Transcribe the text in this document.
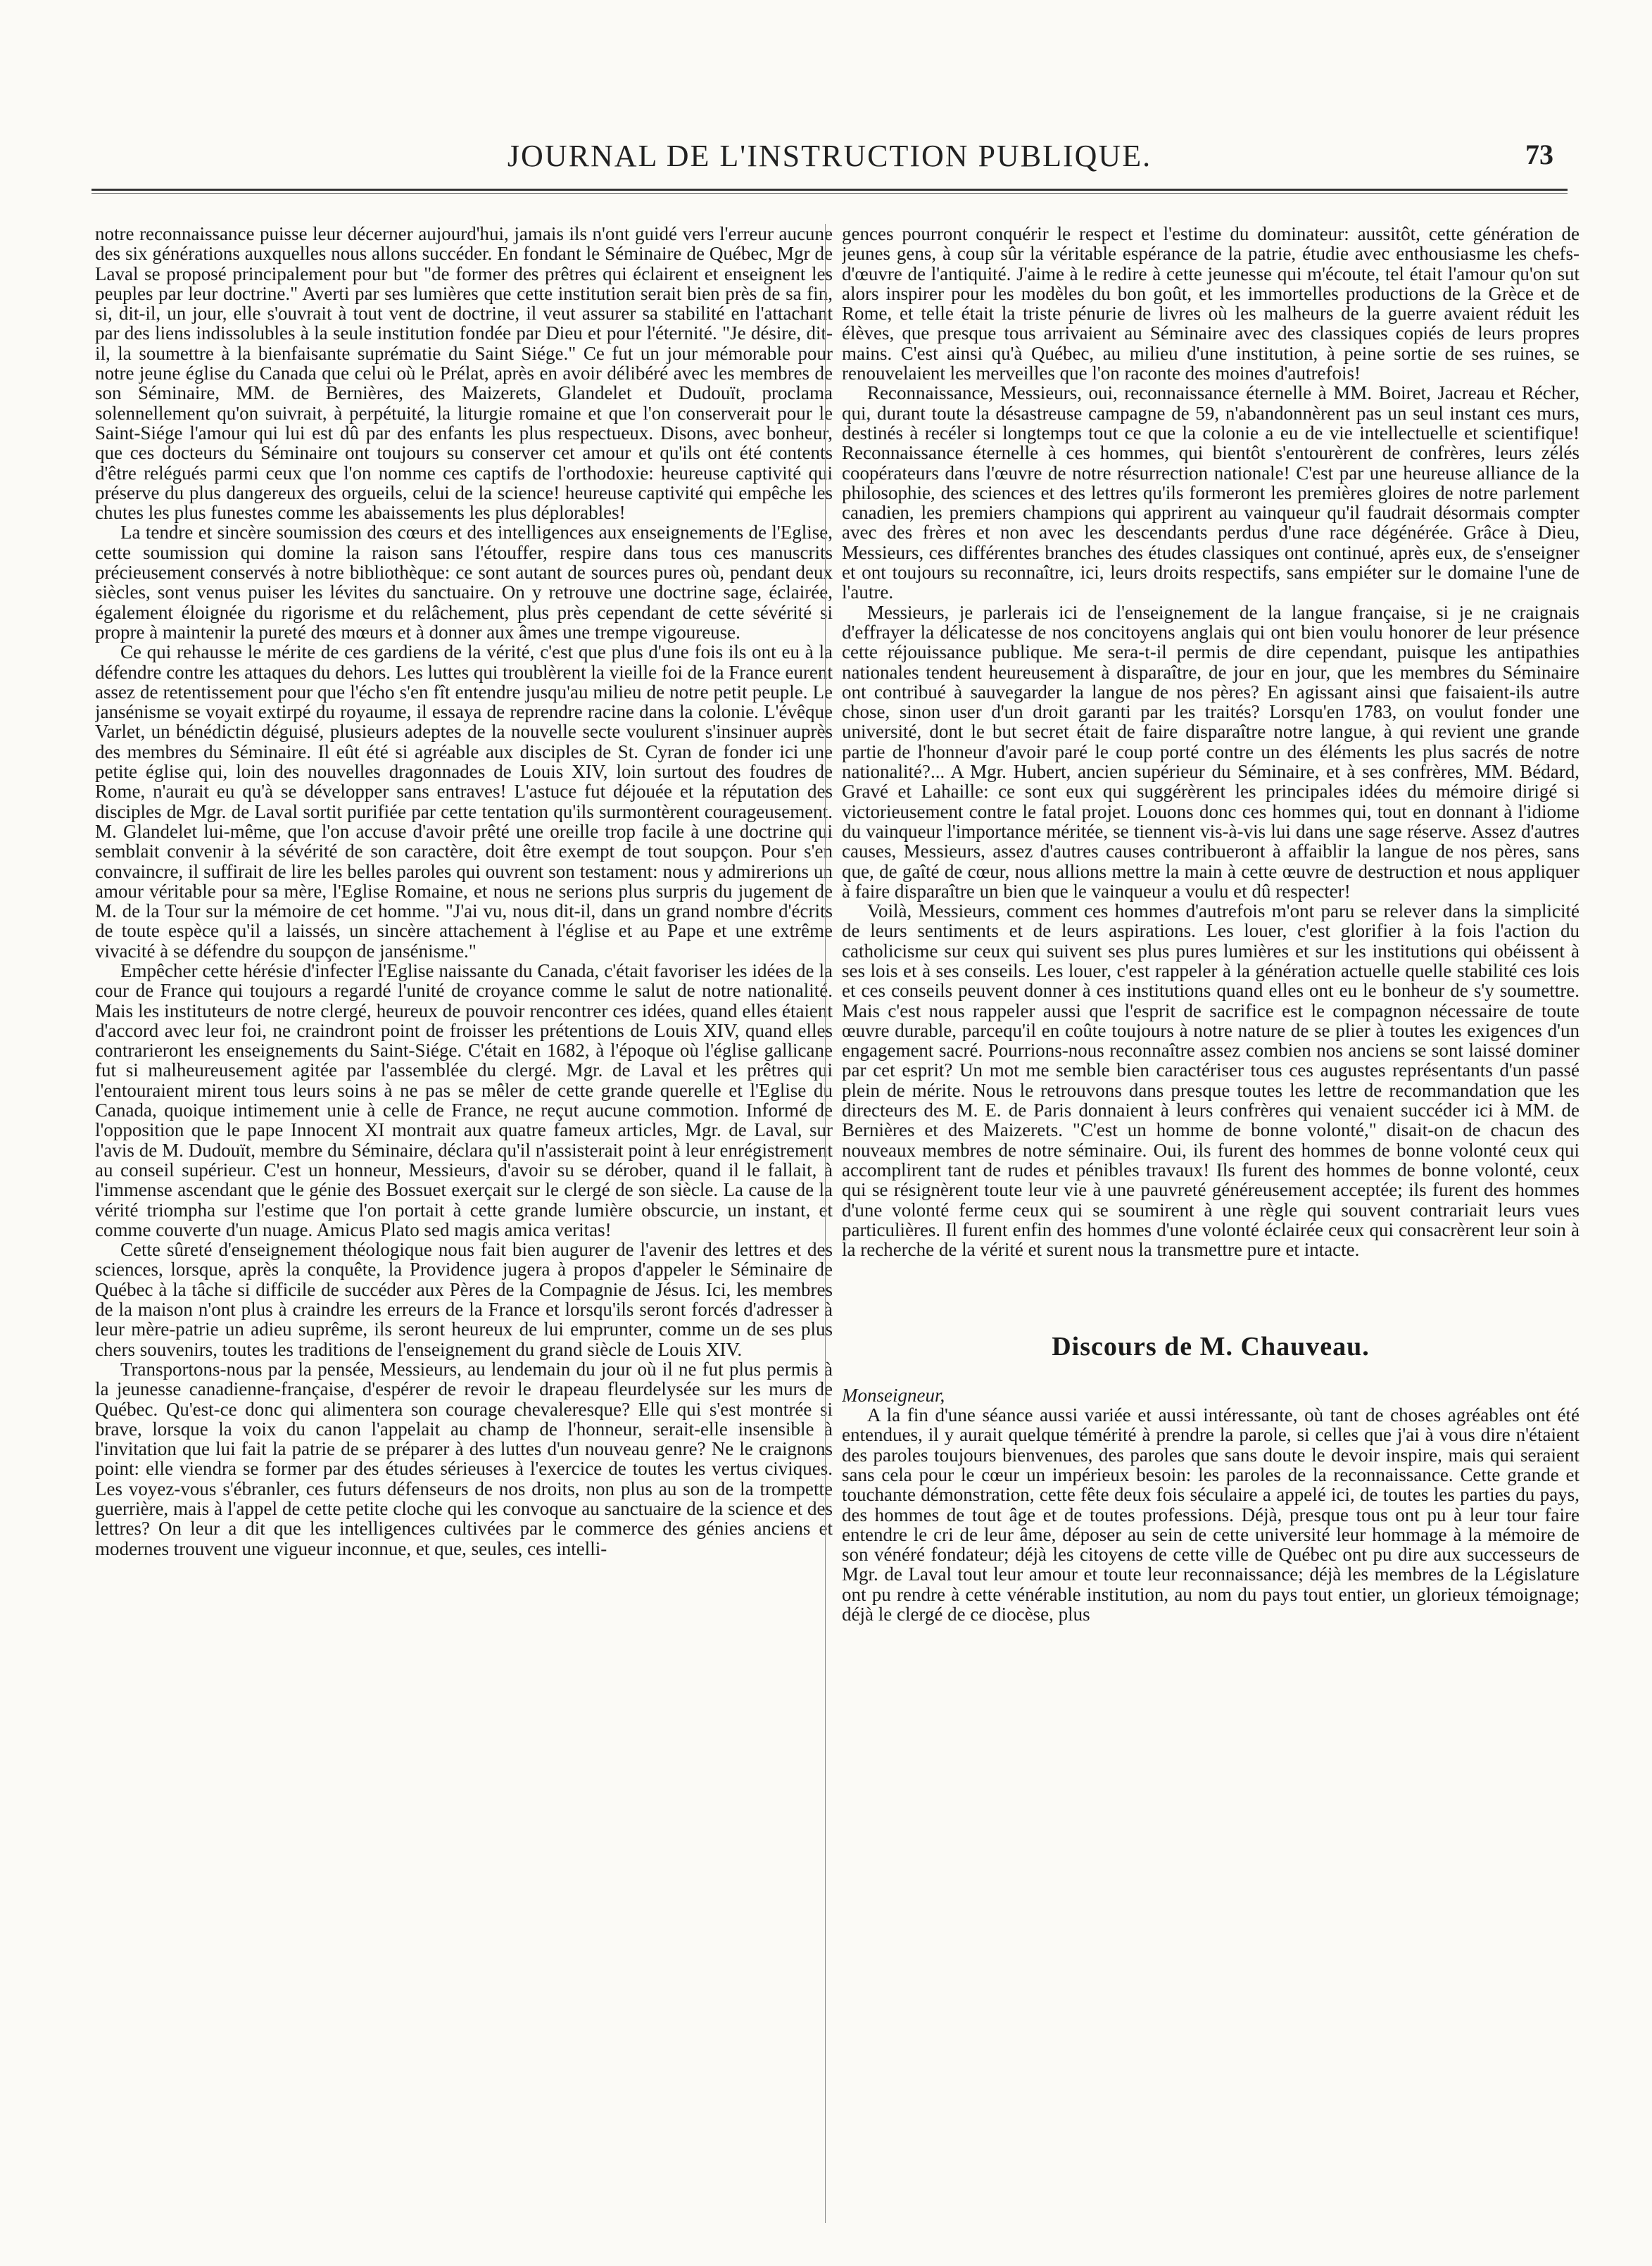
JOURNAL DE L'INSTRUCTION PUBLIQUE.	73

notre reconnaissance puisse leur décerner aujourd'hui, jamais ils n'ont guidé vers l'erreur aucune des six générations auxquelles nous allons succéder. En fondant le Séminaire de Québec, Mgr de Laval se proposé principalement pour but "de former des prêtres qui éclairent et enseignent les peuples par leur doctrine." Averti par ses lumières que cette institution serait bien près de sa fin, si, dit-il, un jour, elle s'ouvrait à tout vent de doctrine, il veut assurer sa stabilité en l'attachant par des liens indissolubles à la seule institution fondée par Dieu et pour l'éternité. "Je désire, dit-il, la soumettre à la bienfaisante suprématie du Saint Siége." Ce fut un jour mémorable pour notre jeune église du Canada que celui où le Prélat, après en avoir délibéré avec les membres de son Séminaire, MM. de Bernières, des Maizerets, Glandelet et Dudouït, proclama solennellement qu'on suivrait, à perpétuité, la liturgie romaine et que l'on conserverait pour le Saint-Siége l'amour qui lui est dû par des enfants les plus respectueux. Disons, avec bonheur, que ces docteurs du Séminaire ont toujours su conserver cet amour et qu'ils ont été contents d'être relégués parmi ceux que l'on nomme ces captifs de l'orthodoxie: heureuse captivité qui préserve du plus dangereux des orgueils, celui de la science! heureuse captivité qui empêche les chutes les plus funestes comme les abaissements les plus déplorables!

La tendre et sincère soumission des cœurs et des intelligences aux enseignements de l'Eglise, cette soumission qui domine la raison sans l'étouffer, respire dans tous ces manuscrits précieusement conservés à notre bibliothèque: ce sont autant de sources pures où, pendant deux siècles, sont venus puiser les lévites du sanctuaire. On y retrouve une doctrine sage, éclairée, également éloignée du rigorisme et du relâchement, plus près cependant de cette sévérité si propre à maintenir la pureté des mœurs et à donner aux âmes une trempe vigoureuse.

Ce qui rehausse le mérite de ces gardiens de la vérité, c'est que plus d'une fois ils ont eu à la défendre contre les attaques du dehors. Les luttes qui troublèrent la vieille foi de la France eurent assez de retentissement pour que l'écho s'en fît entendre jusqu'au milieu de notre petit peuple. Le jansénisme se voyait extirpé du royaume, il essaya de reprendre racine dans la colonie. L'évêque Varlet, un bénédictin déguisé, plusieurs adeptes de la nouvelle secte voulurent s'insinuer auprès des membres du Séminaire. Il eût été si agréable aux disciples de St. Cyran de fonder ici une petite église qui, loin des nouvelles dragonnades de Louis XIV, loin surtout des foudres de Rome, n'aurait eu qu'à se développer sans entraves! L'astuce fut déjouée et la réputation des disciples de Mgr. de Laval sortit purifiée par cette tentation qu'ils surmontèrent courageusement. M. Glandelet lui-même, que l'on accuse d'avoir prêté une oreille trop facile à une doctrine qui semblait convenir à la sévérité de son caractère, doit être exempt de tout soupçon. Pour s'en convaincre, il suffirait de lire les belles paroles qui ouvrent son testament: nous y admirerions un amour véritable pour sa mère, l'Eglise Romaine, et nous ne serions plus surpris du jugement de M. de la Tour sur la mémoire de cet homme. "J'ai vu, nous dit-il, dans un grand nombre d'écrits de toute espèce qu'il a laissés, un sincère attachement à l'église et au Pape et une extrême vivacité à se défendre du soupçon de jansénisme."

Empêcher cette hérésie d'infecter l'Eglise naissante du Canada, c'était favoriser les idées de la cour de France qui toujours a regardé l'unité de croyance comme le salut de notre nationalité. Mais les instituteurs de notre clergé, heureux de pouvoir rencontrer ces idées, quand elles étaient d'accord avec leur foi, ne craindront point de froisser les prétentions de Louis XIV, quand elles contrarieront les enseignements du Saint-Siége. C'était en 1682, à l'époque où l'église gallicane fut si malheureusement agitée par l'assemblée du clergé. Mgr. de Laval et les prêtres qui l'entouraient mirent tous leurs soins à ne pas se mêler de cette grande querelle et l'Eglise du Canada, quoique intimement unie à celle de France, ne reçut aucune commotion. Informé de l'opposition que le pape Innocent XI montrait aux quatre fameux articles, Mgr. de Laval, sur l'avis de M. Dudouït, membre du Séminaire, déclara qu'il n'assisterait point à leur enrégistrement au conseil supérieur. C'est un honneur, Messieurs, d'avoir su se dérober, quand il le fallait, à l'immense ascendant que le génie des Bossuet exerçait sur le clergé de son siècle. La cause de la vérité triompha sur l'estime que l'on portait à cette grande lumière obscurcie, un instant, et comme couverte d'un nuage. Amicus Plato sed magis amica veritas!

Cette sûreté d'enseignement théologique nous fait bien augurer de l'avenir des lettres et des sciences, lorsque, après la conquête, la Providence jugera à propos d'appeler le Séminaire de Québec à la tâche si difficile de succéder aux Pères de la Compagnie de Jésus. Ici, les membres de la maison n'ont plus à craindre les erreurs de la France et lorsqu'ils seront forcés d'adresser à leur mère-patrie un adieu suprême, ils seront heureux de lui emprunter, comme un de ses plus chers souvenirs, toutes les traditions de l'enseignement du grand siècle de Louis XIV.

Transportons-nous par la pensée, Messieurs, au lendemain du jour où il ne fut plus permis à la jeunesse canadienne-française, d'espérer de revoir le drapeau fleurdelysée sur les murs de Québec. Qu'est-ce donc qui alimentera son courage chevaleresque? Elle qui s'est montrée si brave, lorsque la voix du canon l'appelait au champ de l'honneur, serait-elle insensible à l'invitation que lui fait la patrie de se préparer à des luttes d'un nouveau genre? Ne le craignons point: elle viendra se former par des études sérieuses à l'exercice de toutes les vertus civiques. Les voyez-vous s'ébranler, ces futurs défenseurs de nos droits, non plus au son de la trompette guerrière, mais à l'appel de cette petite cloche qui les convoque au sanctuaire de la science et des lettres? On leur a dit que les intelligences cultivées par le commerce des génies anciens et modernes trouvent une vigueur inconnue, et que, seules, ces intelli-

gences pourront conquérir le respect et l'estime du dominateur: aussitôt, cette génération de jeunes gens, à coup sûr la véritable espérance de la patrie, étudie avec enthousiasme les chefs-d'œuvre de l'antiquité. J'aime à le redire à cette jeunesse qui m'écoute, tel était l'amour qu'on sut alors inspirer pour les modèles du bon goût, et les immortelles productions de la Grèce et de Rome, et telle était la triste pénurie de livres où les malheurs de la guerre avaient réduit les élèves, que presque tous arrivaient au Séminaire avec des classiques copiés de leurs propres mains. C'est ainsi qu'à Québec, au milieu d'une institution, à peine sortie de ses ruines, se renouvelaient les merveilles que l'on raconte des moines d'autrefois!

Reconnaissance, Messieurs, oui, reconnaissance éternelle à MM. Boiret, Jacreau et Récher, qui, durant toute la désastreuse campagne de 59, n'abandonnèrent pas un seul instant ces murs, destinés à recéler si longtemps tout ce que la colonie a eu de vie intellectuelle et scientifique! Reconnaissance éternelle à ces hommes, qui bientôt s'entourèrent de confrères, leurs zélés coopérateurs dans l'œuvre de notre résurrection nationale! C'est par une heureuse alliance de la philosophie, des sciences et des lettres qu'ils formeront les premières gloires de notre parlement canadien, les premiers champions qui apprirent au vainqueur qu'il faudrait désormais compter avec des frères et non avec les descendants perdus d'une race dégénérée. Grâce à Dieu, Messieurs, ces différentes branches des études classiques ont continué, après eux, de s'enseigner et ont toujours su reconnaître, ici, leurs droits respectifs, sans empiéter sur le domaine l'une de l'autre.

Messieurs, je parlerais ici de l'enseignement de la langue française, si je ne craignais d'effrayer la délicatesse de nos concitoyens anglais qui ont bien voulu honorer de leur présence cette réjouissance publique. Me sera-t-il permis de dire cependant, puisque les antipathies nationales tendent heureusement à disparaître, de jour en jour, que les membres du Séminaire ont contribué à sauvegarder la langue de nos pères? En agissant ainsi que faisaient-ils autre chose, sinon user d'un droit garanti par les traités? Lorsqu'en 1783, on voulut fonder une université, dont le but secret était de faire disparaître notre langue, à qui revient une grande partie de l'honneur d'avoir paré le coup porté contre un des éléments les plus sacrés de notre nationalité?... A Mgr. Hubert, ancien supérieur du Séminaire, et à ses confrères, MM. Bédard, Gravé et Lahaille: ce sont eux qui suggérèrent les principales idées du mémoire dirigé si victorieusement contre le fatal projet. Louons donc ces hommes qui, tout en donnant à l'idiome du vainqueur l'importance méritée, se tiennent vis-à-vis lui dans une sage réserve. Assez d'autres causes, Messieurs, assez d'autres causes contribueront à affaiblir la langue de nos pères, sans que, de gaîté de cœur, nous allions mettre la main à cette œuvre de destruction et nous appliquer à faire disparaître un bien que le vainqueur a voulu et dû respecter!

Voilà, Messieurs, comment ces hommes d'autrefois m'ont paru se relever dans la simplicité de leurs sentiments et de leurs aspirations. Les louer, c'est glorifier à la fois l'action du catholicisme sur ceux qui suivent ses plus pures lumières et sur les institutions qui obéissent à ses lois et à ses conseils. Les louer, c'est rappeler à la génération actuelle quelle stabilité ces lois et ces conseils peuvent donner à ces institutions quand elles ont eu le bonheur de s'y soumettre. Mais c'est nous rappeler aussi que l'esprit de sacrifice est le compagnon nécessaire de toute œuvre durable, parcequ'il en coûte toujours à notre nature de se plier à toutes les exigences d'un engagement sacré. Pourrions-nous reconnaître assez combien nos anciens se sont laissé dominer par cet esprit? Un mot me semble bien caractériser tous ces augustes représentants d'un passé plein de mérite. Nous le retrouvons dans presque toutes les lettre de recommandation que les directeurs des M. E. de Paris donnaient à leurs confrères qui venaient succéder ici à MM. de Bernières et des Maizerets. "C'est un homme de bonne volonté," disait-on de chacun des nouveaux membres de notre séminaire. Oui, ils furent des hommes de bonne volonté ceux qui accomplirent tant de rudes et pénibles travaux! Ils furent des hommes de bonne volonté, ceux qui se résignèrent toute leur vie à une pauvreté généreusement acceptée; ils furent des hommes d'une volonté ferme ceux qui se soumirent à une règle qui souvent contrariait leurs vues particulières. Il furent enfin des hommes d'une volonté éclairée ceux qui consacrèrent leur soin à la recherche de la vérité et surent nous la transmettre pure et intacte.

Discours de M. Chauveau.

Monseigneur,

A la fin d'une séance aussi variée et aussi intéressante, où tant de choses agréables ont été entendues, il y aurait quelque témérité à prendre la parole, si celles que j'ai à vous dire n'étaient des paroles toujours bienvenues, des paroles que sans doute le devoir inspire, mais qui seraient sans cela pour le cœur un impérieux besoin: les paroles de la reconnaissance. Cette grande et touchante démonstration, cette fête deux fois séculaire a appelé ici, de toutes les parties du pays, des hommes de tout âge et de toutes professions. Déjà, presque tous ont pu à leur tour faire entendre le cri de leur âme, déposer au sein de cette université leur hommage à la mémoire de son vénéré fondateur; déjà les citoyens de cette ville de Québec ont pu dire aux successeurs de Mgr. de Laval tout leur amour et toute leur reconnaissance; déjà les membres de la Législature ont pu rendre à cette vénérable institution, au nom du pays tout entier, un glorieux témoignage; déjà le clergé de ce diocèse, plus
